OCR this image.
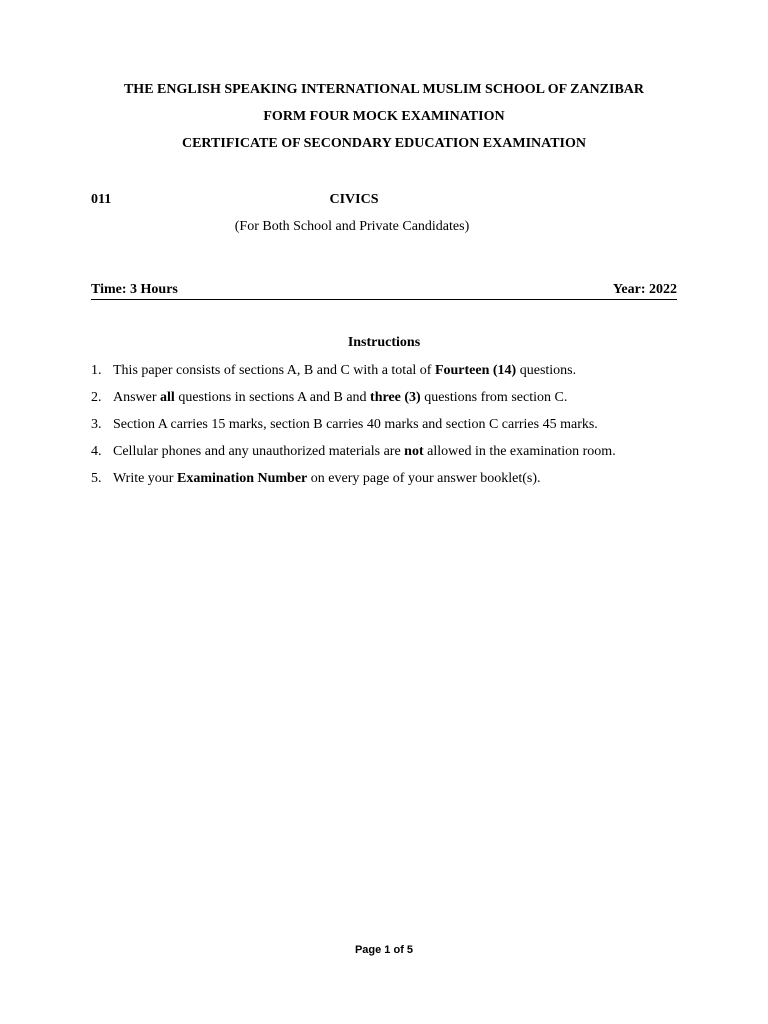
THE ENGLISH SPEAKING INTERNATIONAL MUSLIM SCHOOL OF ZANZIBAR
FORM FOUR MOCK EXAMINATION
CERTIFICATE OF SECONDARY EDUCATION EXAMINATION
011	CIVICS
(For Both School and Private Candidates)
Time: 3 Hours	Year: 2022
Instructions
1. This paper consists of sections A, B and C with a total of Fourteen (14) questions.
2. Answer all questions in sections A and B and three (3) questions from section C.
3. Section A carries 15 marks, section B carries 40 marks and section C carries 45 marks.
4. Cellular phones and any unauthorized materials are not allowed in the examination room.
5. Write your Examination Number on every page of your answer booklet(s).
Page 1 of 5
